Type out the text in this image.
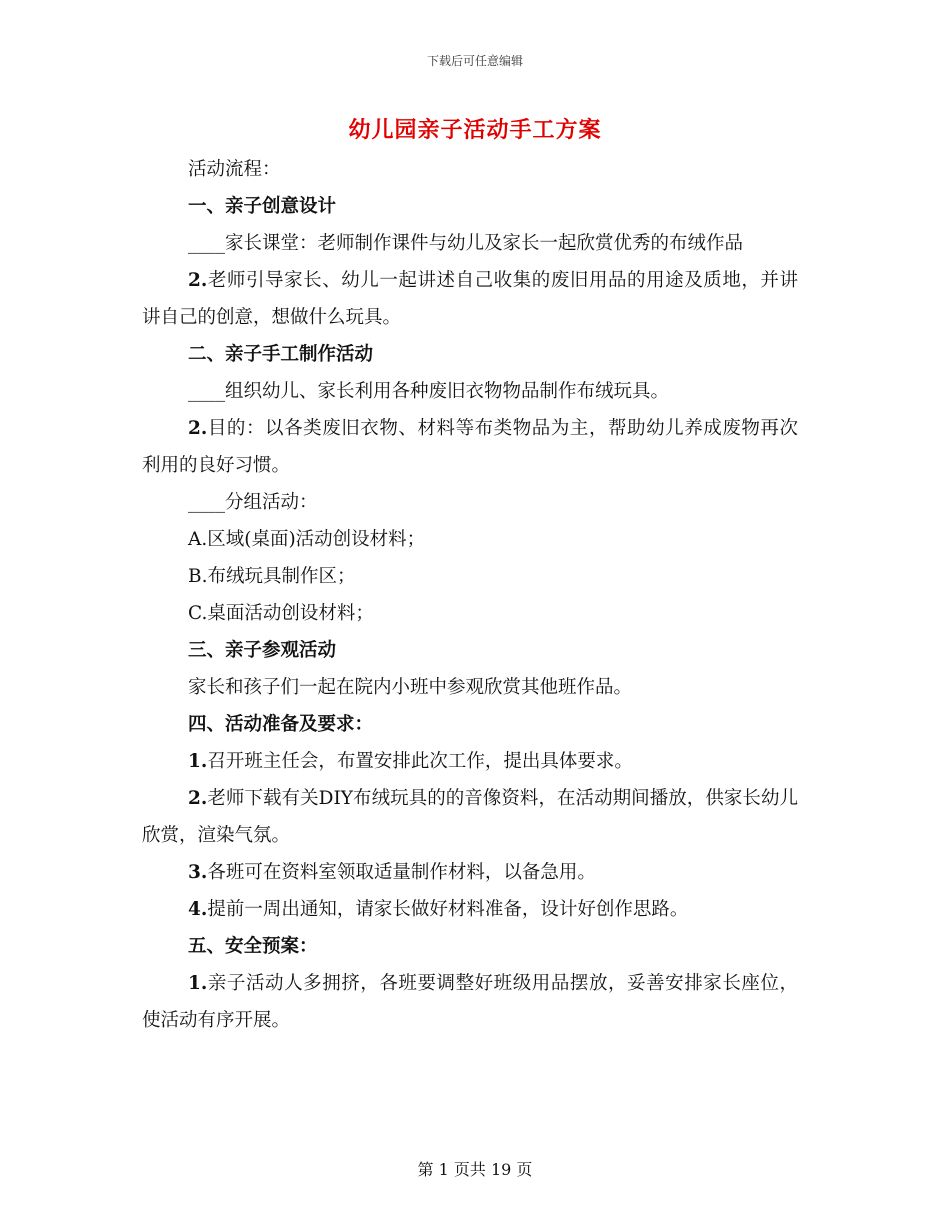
下载后可任意编辑
幼儿园亲子活动手工方案

活动流程：

一、亲子创意设计

____家长课堂：老师制作课件与幼儿及家长一起欣赏优秀的布绒作品

2.老师引导家长、幼儿一起讲述自己收集的废旧用品的用途及质地，并讲讲自己的创意，想做什么玩具。

二、亲子手工制作活动

____组织幼儿、家长利用各种废旧衣物物品制作布绒玩具。

2.目的：以各类废旧衣物、材料等布类物品为主，帮助幼儿养成废物再次利用的良好习惯。

____分组活动：

A.区域(桌面)活动创设材料；

B.布绒玩具制作区；

C.桌面活动创设材料；

三、亲子参观活动

家长和孩子们一起在院内小班中参观欣赏其他班作品。

四、活动准备及要求：

1.召开班主任会，布置安排此次工作，提出具体要求。

2.老师下载有关DIY布绒玩具的的音像资料，在活动期间播放，供家长幼儿欣赏，渲染气氛。

3.各班可在资料室领取适量制作材料，以备急用。

4.提前一周出通知，请家长做好材料准备，设计好创作思路。

五、安全预案：

1.亲子活动人多拥挤，各班要调整好班级用品摆放，妥善安排家长座位，使活动有序开展。

第 1 页共 19 页
